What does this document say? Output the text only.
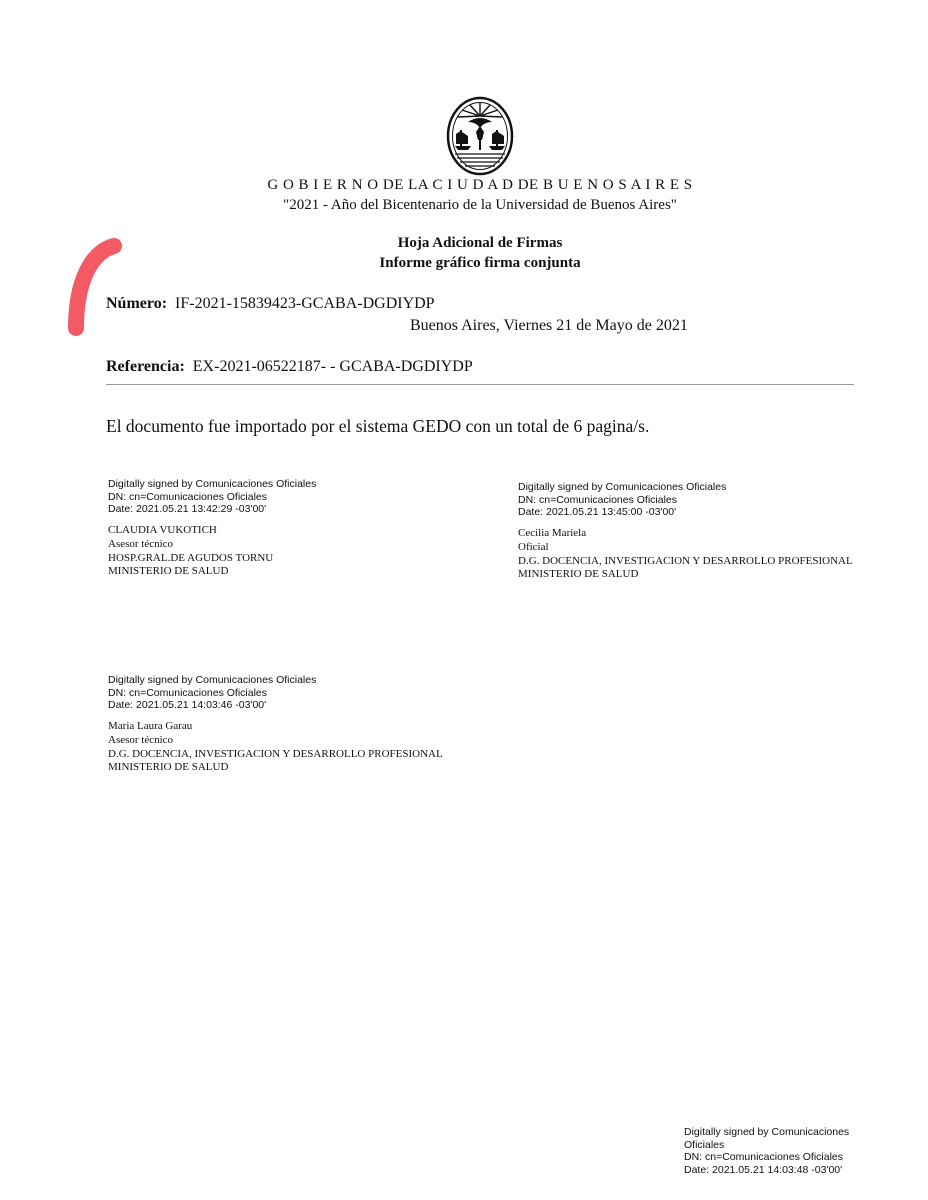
G O B I E R N O DE LA C I U D A D DE B U E N O S A I R E S
"2021 - Año del Bicentenario de la Universidad de Buenos Aires"
Hoja Adicional de Firmas
Informe gráfico firma conjunta
Número: IF-2021-15839423-GCABA-DGDIYDP
Buenos Aires, Viernes 21 de Mayo de 2021
Referencia: EX-2021-06522187- - GCABA-DGDIYDP
El documento fue importado por el sistema GEDO con un total de 6 pagina/s.
Digitally signed by Comunicaciones Oficiales
DN: cn=Comunicaciones Oficiales
Date: 2021.05.21 13:42:29 -03'00'
CLAUDIA VUKOTICH
Asesor técnico
HOSP.GRAL.DE AGUDOS TORNU
MINISTERIO DE SALUD
Digitally signed by Comunicaciones Oficiales
DN: cn=Comunicaciones Oficiales
Date: 2021.05.21 13:45:00 -03'00'
Cecilia Mariela
Oficial
D.G. DOCENCIA, INVESTIGACION Y DESARROLLO PROFESIONAL
MINISTERIO DE SALUD
Digitally signed by Comunicaciones Oficiales
DN: cn=Comunicaciones Oficiales
Date: 2021.05.21 14:03:46 -03'00'
Maria Laura Garau
Asesor técnico
D.G. DOCENCIA, INVESTIGACION Y DESARROLLO PROFESIONAL
MINISTERIO DE SALUD
Digitally signed by Comunicaciones Oficiales
DN: cn=Comunicaciones Oficiales
Date: 2021.05.21 14:03:48 -03'00'
